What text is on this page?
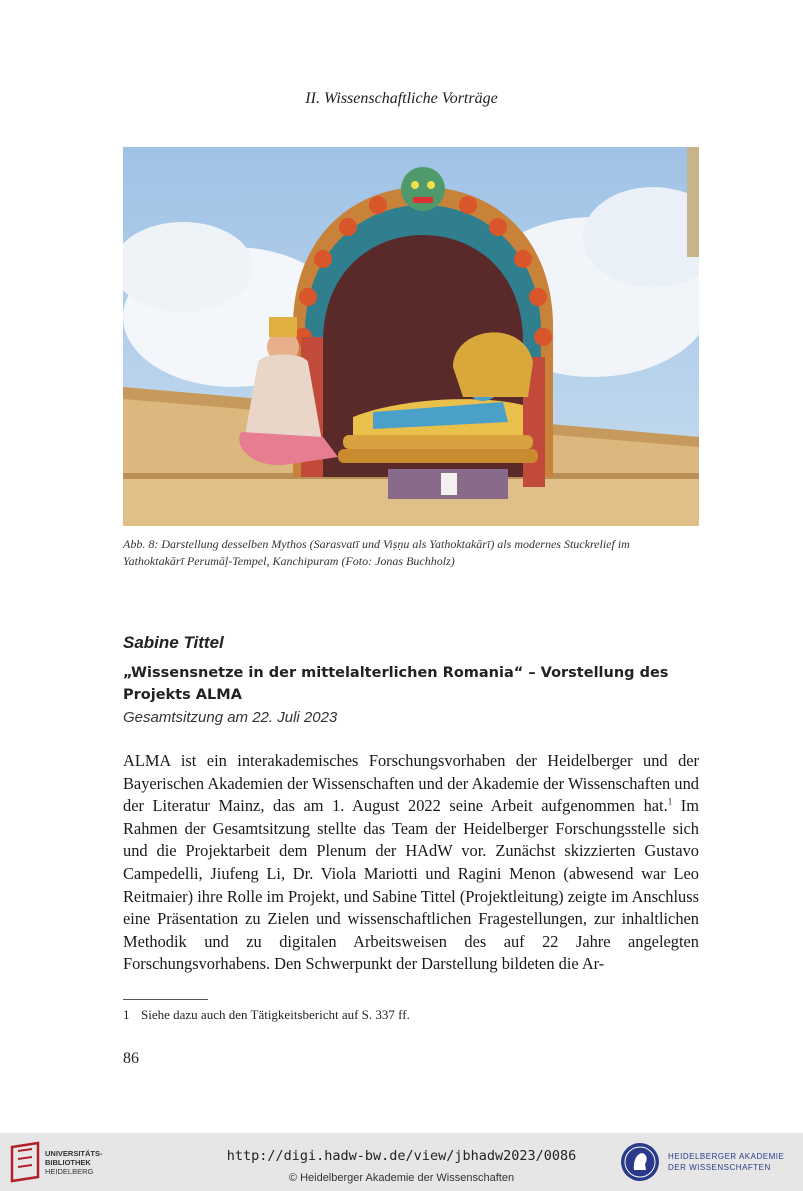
II. Wissenschaftliche Vorträge
Abb. 8: Darstellung desselben Mythos (Sarasvatī und Viṣṇu als Yathoktakārī) als modernes Stuckrelief im
Yathoktakārī Perumāḷ-Tempel, Kanchipuram (Foto: Jonas Buchholz)
Sabine Tittel
„Wissensnetze in der mittelalterlichen Romania“ – Vorstellung des Projekts ALMA
Gesamtsitzung am 22. Juli 2023

ALMA ist ein interakademisches Forschungsvorhaben der Heidelberger und der Bayerischen Akademien der Wissenschaften und der Akademie der Wissenschaften und der Literatur Mainz, das am 1. August 2022 seine Arbeit aufgenommen hat.$^1$ Im Rahmen der Gesamtsitzung stellte das Team der Heidelberger Forschungsstelle sich und die Projektarbeit dem Plenum der HAdW vor. Zunächst skizzierten Gustavo Campedelli, Jiufeng Li, Dr. Viola Mariotti und Ragini Menon (abwesend war Leo Reitmaier) ihre Rolle im Projekt, und Sabine Tittel (Projektleitung) zeigte im Anschluss eine Präsentation zu Zielen und wissenschaftlichen Fragestellungen, zur inhaltlichen Methodik und zu digitalen Arbeitsweisen des auf 22 Jahre angelegten Forschungsvorhabens. Den Schwerpunkt der Darstellung bildeten die Ar-

1 Siehe dazu auch den Tätigkeitsbericht auf S. 337 ff.
86
UNIVERSITÄTS-
BIBLIOTHEK
HEIDELBERG
http://digi.hadw-bw.de/view/jbhadw2023/0086
© Heidelberger Akademie der Wissenschaften
HEIDELBERGER AKADEMIE
DER WISSENSCHAFTEN
